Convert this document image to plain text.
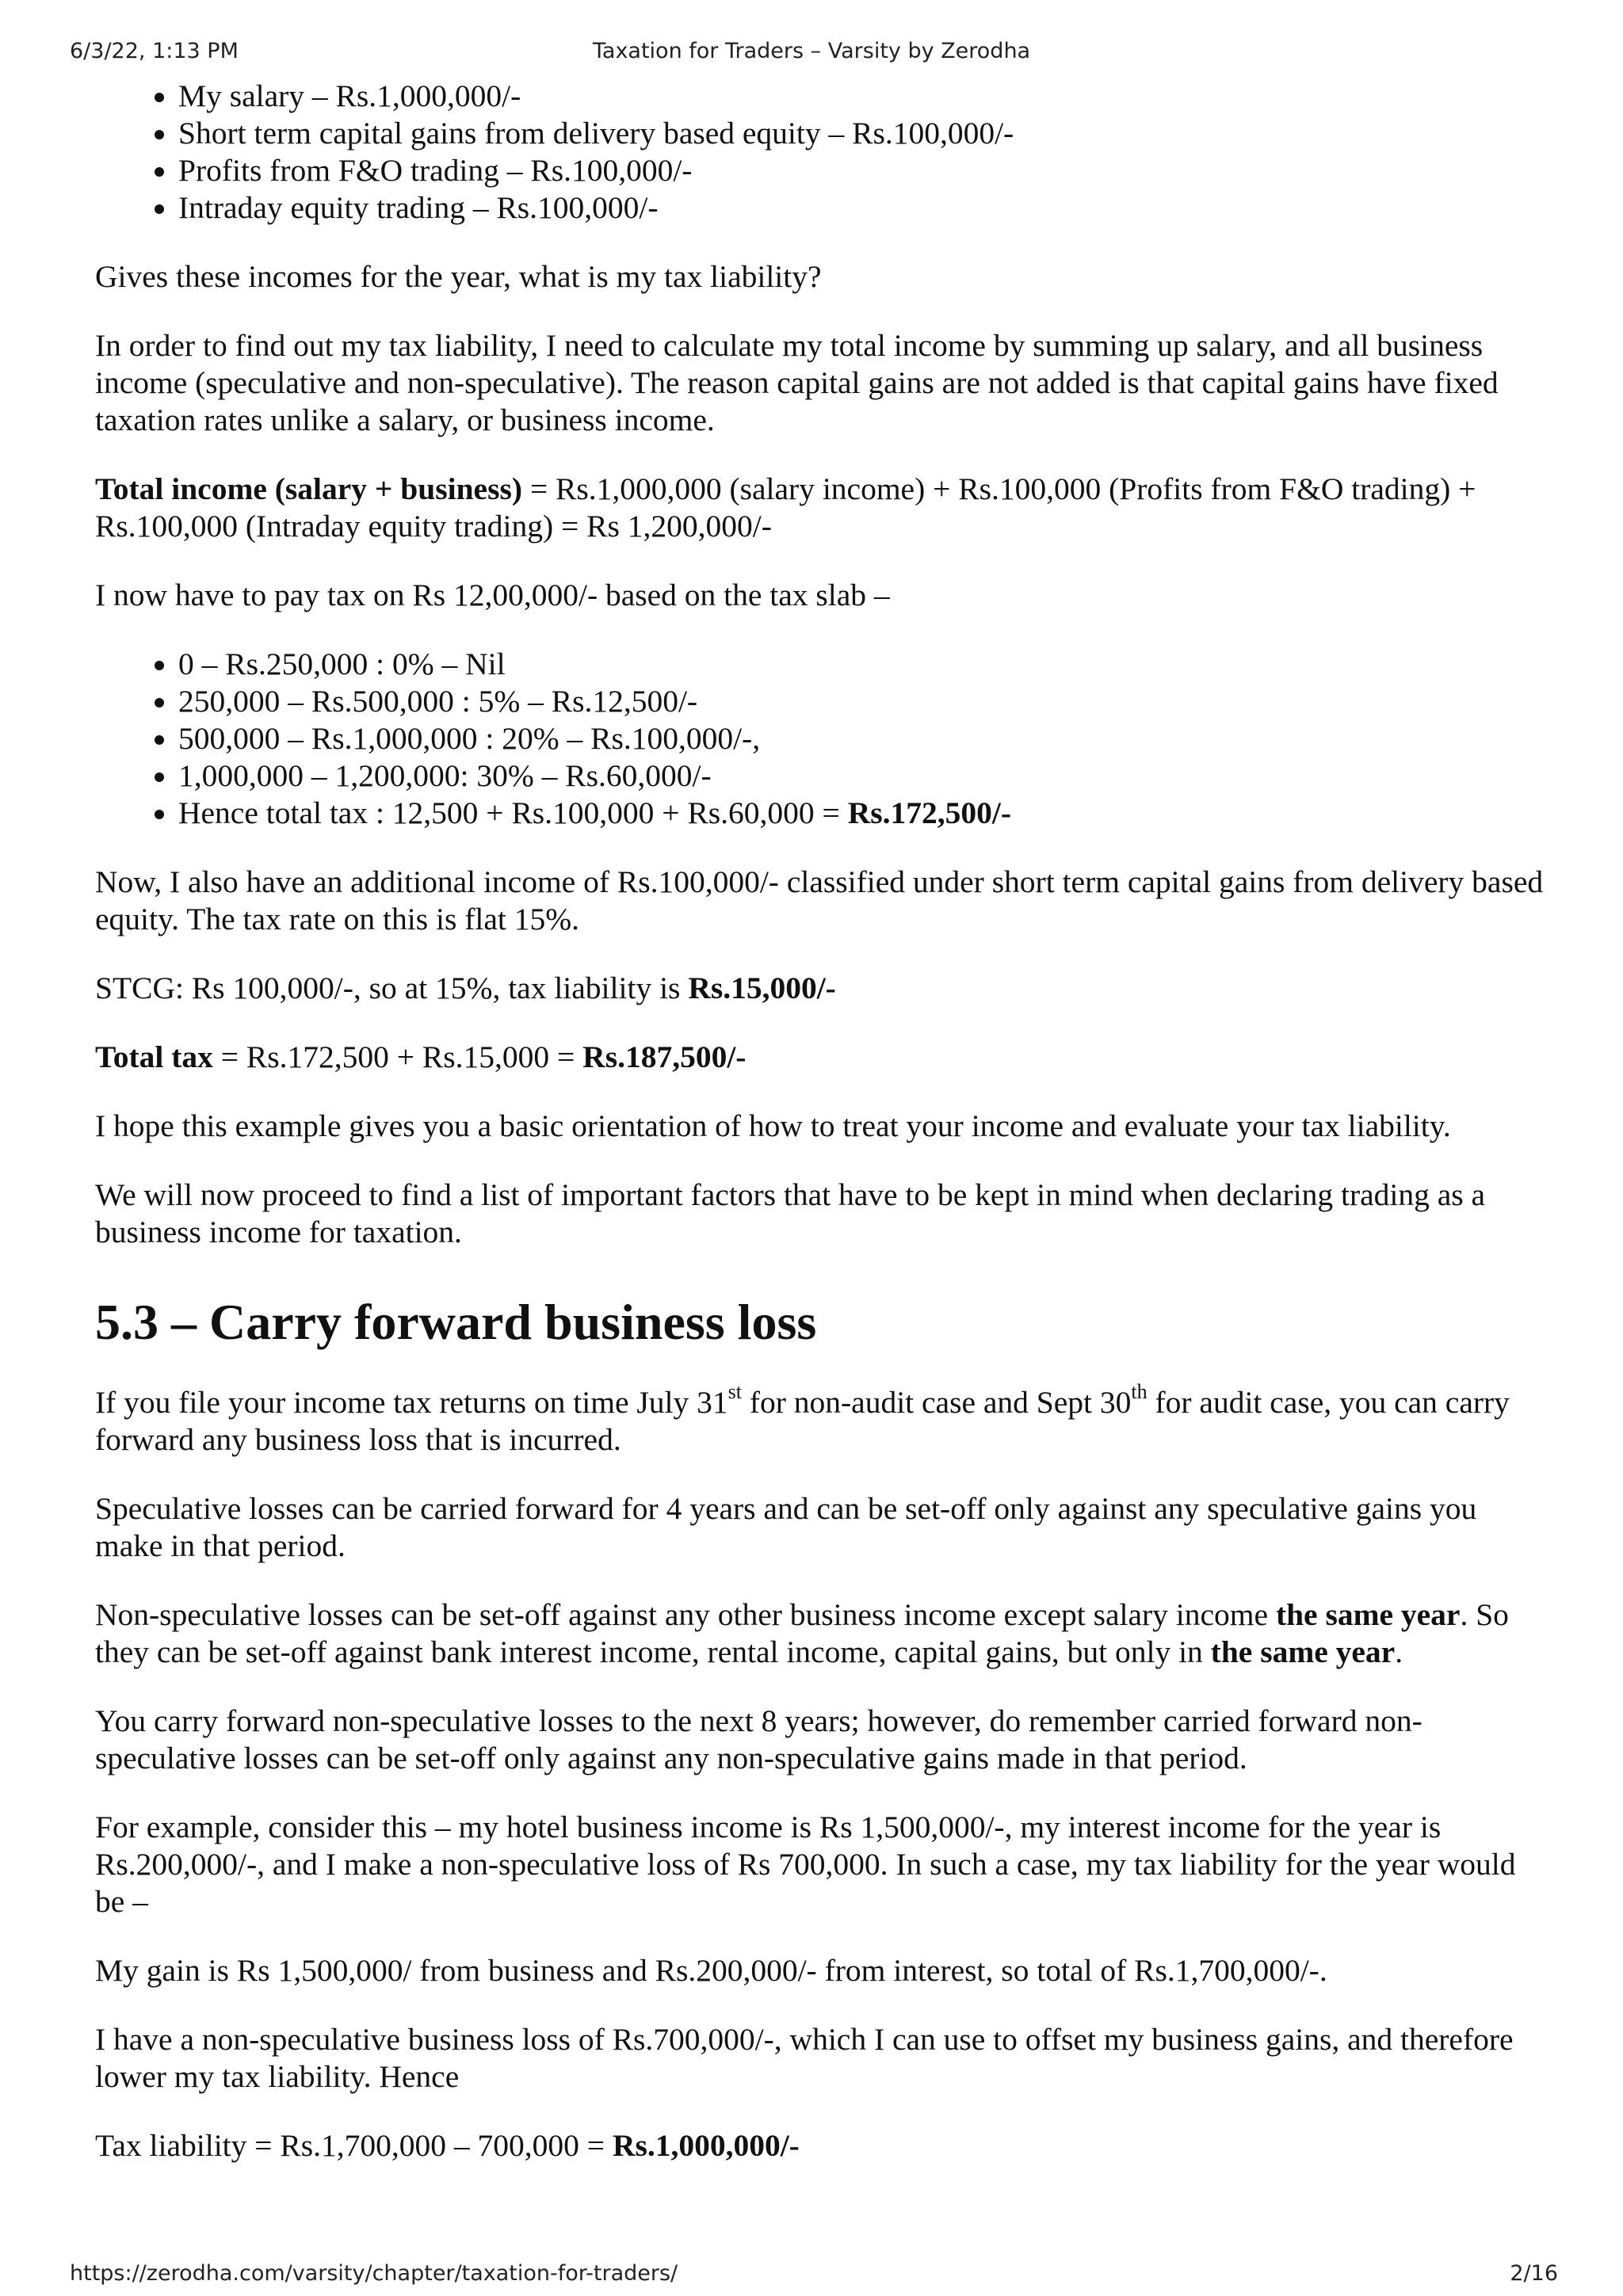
6/3/22, 1:13 PM	Taxation for Traders – Varsity by Zerodha
• My salary – Rs.1,000,000/-
• Short term capital gains from delivery based equity – Rs.100,000/-
• Profits from F&O trading – Rs.100,000/-
• Intraday equity trading – Rs.100,000/-

Gives these incomes for the year, what is my tax liability?

In order to find out my tax liability, I need to calculate my total income by summing up salary, and all business income (speculative and non-speculative). The reason capital gains are not added is that capital gains have fixed taxation rates unlike a salary, or business income.

Total income (salary + business) = Rs.1,000,000 (salary income) + Rs.100,000 (Profits from F&O trading) + Rs.100,000 (Intraday equity trading) = Rs 1,200,000/-

I now have to pay tax on Rs 12,00,000/- based on the tax slab –

• 0 – Rs.250,000 : 0% – Nil
• 250,000 – Rs.500,000 : 5% – Rs.12,500/-
• 500,000 – Rs.1,000,000 : 20% – Rs.100,000/-,
• 1,000,000 – 1,200,000: 30% – Rs.60,000/-
• Hence total tax : 12,500 + Rs.100,000 + Rs.60,000 = Rs.172,500/-

Now, I also have an additional income of Rs.100,000/- classified under short term capital gains from delivery based equity. The tax rate on this is flat 15%.

STCG: Rs 100,000/-, so at 15%, tax liability is Rs.15,000/-

Total tax = Rs.172,500 + Rs.15,000 = Rs.187,500/-

I hope this example gives you a basic orientation of how to treat your income and evaluate your tax liability.

We will now proceed to find a list of important factors that have to be kept in mind when declaring trading as a business income for taxation.

5.3 – Carry forward business loss

If you file your income tax returns on time July 31st for non-audit case and Sept 30th for audit case, you can carry forward any business loss that is incurred.

Speculative losses can be carried forward for 4 years and can be set-off only against any speculative gains you make in that period.

Non-speculative losses can be set-off against any other business income except salary income the same year. So they can be set-off against bank interest income, rental income, capital gains, but only in the same year.

You carry forward non-speculative losses to the next 8 years; however, do remember carried forward non-speculative losses can be set-off only against any non-speculative gains made in that period.

For example, consider this – my hotel business income is Rs 1,500,000/-, my interest income for the year is Rs.200,000/-, and I make a non-speculative loss of Rs 700,000. In such a case, my tax liability for the year would be –

My gain is Rs 1,500,000/ from business and Rs.200,000/- from interest, so total of Rs.1,700,000/-.

I have a non-speculative business loss of Rs.700,000/-, which I can use to offset my business gains, and therefore lower my tax liability. Hence

Tax liability = Rs.1,700,000 – 700,000 = Rs.1,000,000/-

https://zerodha.com/varsity/chapter/taxation-for-traders/	2/16
